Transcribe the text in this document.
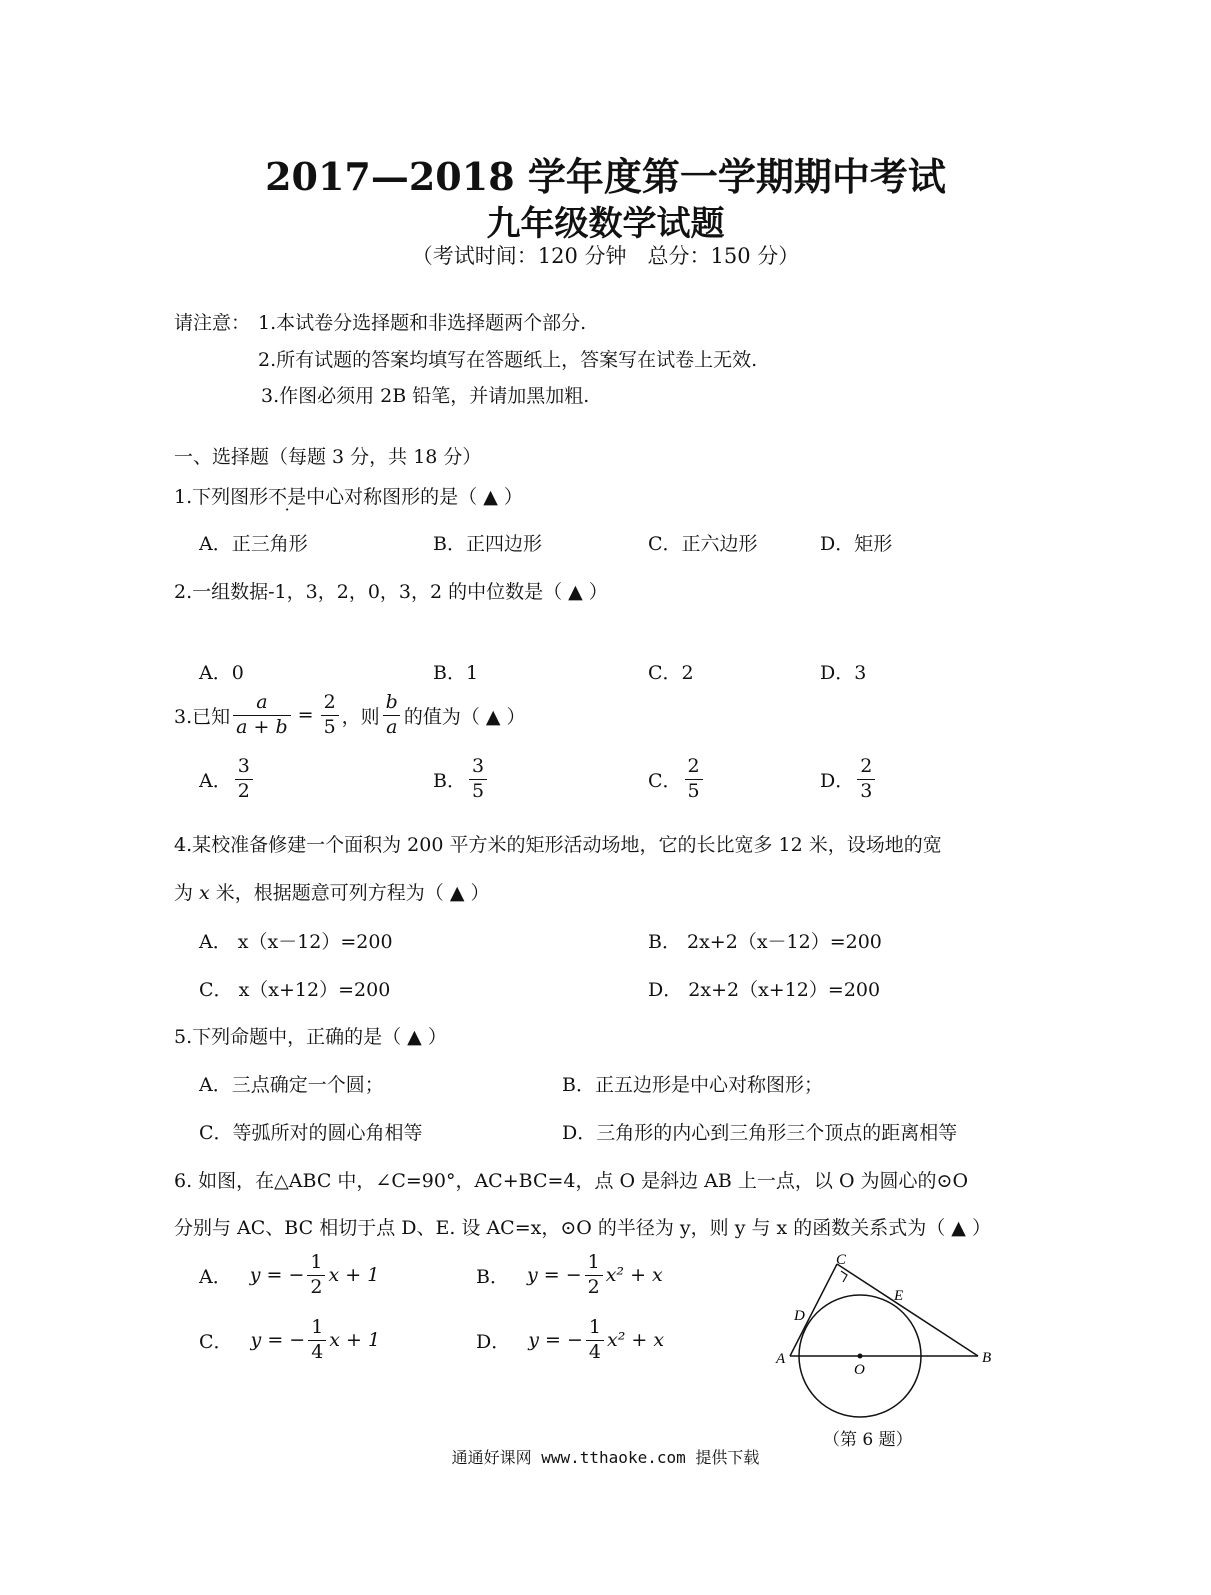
2017—2018 学年度第一学期期中考试
九年级数学试题
（考试时间：120 分钟　总分：150 分）
请注意： 1.本试卷分选择题和非选择题两个部分.
2.所有试题的答案均填写在答题纸上，答案写在试卷上无效.
3.作图必须用 2B 铅笔，并请加黑加粗.
一、选择题（每题 3 分，共 18 分）
1.下列图形不是中心对称图形的是（ ▲ ）
A．正三角形	B．正四边形	C．正六边形	D．矩形
2.一组数据-1，3，2，0，3，2 的中位数是（ ▲ ）
A．0	B．1	C．2	D．3
3.已知 $\frac{a}{a + b} = \frac{2}{5}$ ，则 $\frac{b}{a}$ 的值为（ ▲ ）
A． $\frac{3}{2}$	B． $\frac{3}{5}$	C． $\frac{2}{5}$	D． $\frac{2}{3}$
4.某校准备修建一个面积为 200 平方米的矩形活动场地，它的长比宽多 12 米，设场地的宽
为 x 米，根据题意可列方程为（ ▲ ）
A． x（x－12）=200	B． 2x+2（x－12）=200
C． x（x+12）=200	D． 2x+2（x+12）=200
5.下列命题中，正确的是（ ▲ ）
A．三点确定一个圆；	B．正五边形是中心对称图形；
C．等弧所对的圆心角相等	D．三角形的内心到三角形三个顶点的距离相等
6. 如图，在△ABC 中，∠C=90°，AC+BC=4，点 O 是斜边 AB 上一点，以 O 为圆心的⊙O
分别与 AC、BC 相切于点 D、E. 设 AC=x，⊙O 的半径为 y，则 y 与 x 的函数关系式为（ ▲ ）
A． y = − $\frac{1}{2}$ x + 1	B． y = − $\frac{1}{2} x^2 + x$
C． y = − $\frac{1}{4}$ x + 1	D． y = − $\frac{1}{4} x^2 + x$
A	B
C
D
E
O
（第 6 题）
通通好课网 www.tthaoke.com 提供下载
